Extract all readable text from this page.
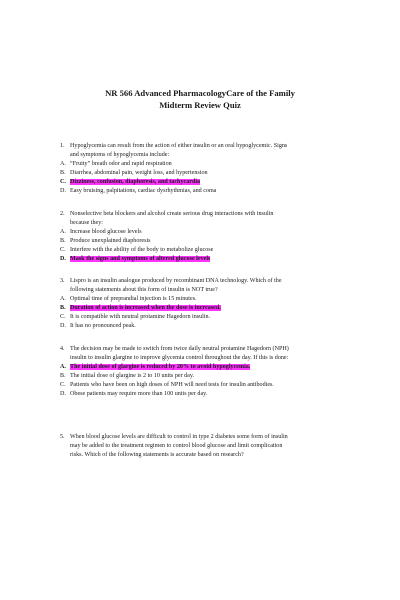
NR 566 Advanced PharmacologyCare of the Family
Midterm Review Quiz
1. Hypoglycemia can result from the action of either insulin or an oral hypoglycemic. Signs
and symptoms of hypoglycemia include:
A. “Fruity” breath odor and rapid respiration
B. Diarrhea, abdominal pain, weight loss, and hypertension
C. Dizziness, confusion, diaphoresis, and tachycardia
D. Easy bruising, palpitations, cardiac dysrhythmias, and coma
2. Nonselective beta blockers and alcohol create serious drug interactions with insulin
because they:
A. Increase blood glucose levels
B. Produce unexplained diaphoresis
C. Interfere with the ability of the body to metabolize glucose
D. Mask the signs and symptoms of altered glucose levels
3. Lispro is an insulin analogue produced by recombinant DNA technology. Which of the
following statements about this form of insulin is NOT true?
A. Optimal time of preprandial injection is 15 minutes.
B. Duration of action is increased when the dose is increased.
C. It is compatible with neutral protamine Hagedorn insulin.
D. It has no pronounced peak.
4. The decision may be made to switch from twice daily neutral protamine Hagedorn (NPH)
insulin to insulin glargine to improve glycemia control throughout the day. If this is done:
A. The initial dose of glargine is reduced by 20% to avoid hypoglycemia.
B. The initial dose of glargine is 2 to 10 units per day.
C. Patients who have been on high doses of NPH will need tests for insulin antibodies.
D. Obese patients may require more than 100 units per day.
5. When blood glucose levels are difficult to control in type 2 diabetes some form of insulin
may be added to the treatment regimen to control blood glucose and limit complication
risks. Which of the following statements is accurate based on research?
